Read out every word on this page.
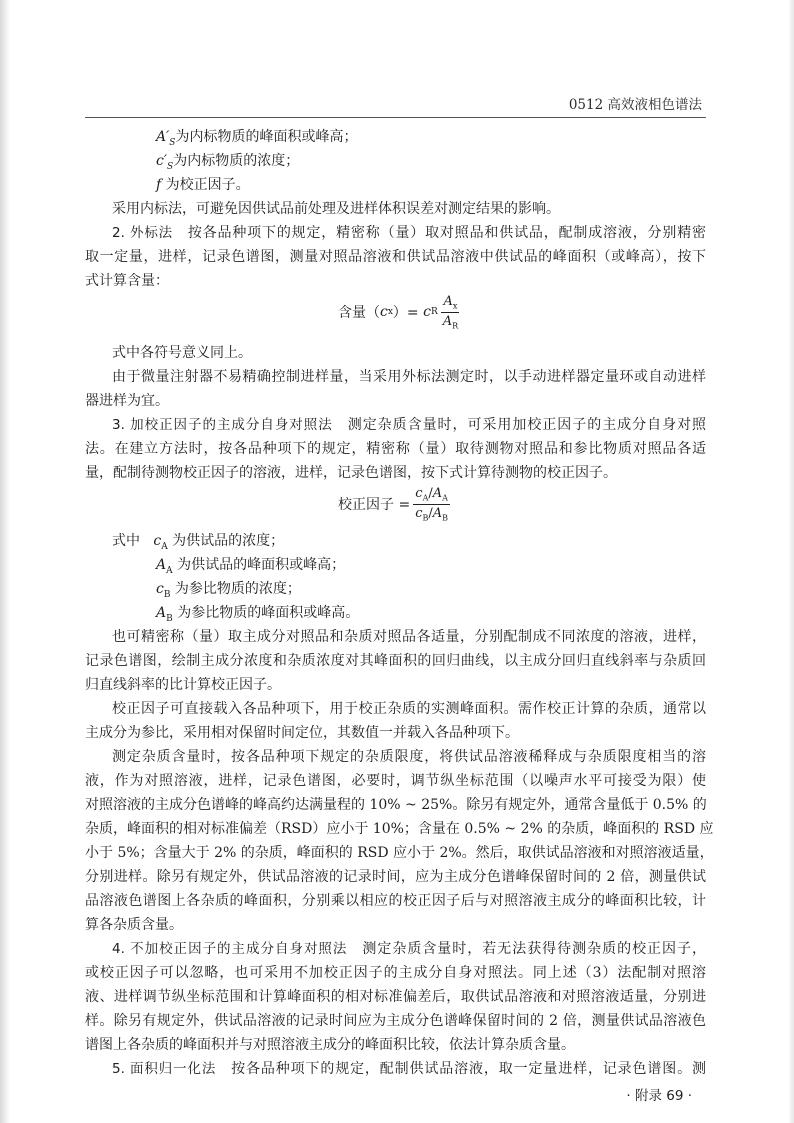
0512 高效液相色谱法
$A'_S$为内标物质的峰面积或峰高；
$c'_S$为内标物质的浓度；
f 为校正因子。
采用内标法，可避免因供试品前处理及进样体积误差对测定结果的影响。
2. 外标法　 按各品种项下的规定，精密称（量）取对照品和供试品，配制成溶液，分别精密
取一定量，进样，记录色谱图，测量对照品溶液和供试品溶液中供试品的峰面积（或峰高），按下
式计算含量：
含量（ c x ）=
c R $\frac{A_x}{A_R}$
式中各符号意义同上。
由于微量注射器不易精确控制进样量，当采用外标法测定时，以手动进样器定量环或自动进样
器进样为宜。
3. 加校正因子的主成分自身对照法　 测定杂质含量时，可采用加校正因子的主成分自身对照
法。在建立方法时，按各品种项下的规定，精密称（量）取待测物对照品和参比物质对照品各适
量，配制待测物校正因子的溶液，进样，记录色谱图，按下式计算待测物的校正因子。
校正因子 = $\frac{c_A/A_A}{c_B/A_B}$
式中 $c_A$ 为供试品的浓度；
$A_A$ 为供试品的峰面积或峰高；
$c_B$ 为参比物质的浓度；
$A_B$ 为参比物质的峰面积或峰高。
也可精密称（量）取主成分对照品和杂质对照品各适量，分别配制成不同浓度的溶液，进样，
记录色谱图，绘制主成分浓度和杂质浓度对其峰面积的回归曲线，以主成分回归直线斜率与杂质回
归直线斜率的比计算校正因子。
校正因子可直接载入各品种项下，用于校正杂质的实测峰面积。需作校正计算的杂质，通常以
主成分为参比，采用相对保留时间定位，其数值一并载入各品种项下。
测定杂质含量时，按各品种项下规定的杂质限度，将供试品溶液稀释成与杂质限度相当的溶
液，作为对照溶液，进样，记录色谱图，必要时，调节纵坐标范围（以噪声水平可接受为限）使
对照溶液的主成分色谱峰的峰高约达满量程的 10% ~ 25%。除另有规定外，通常含量低于 0.5% 的
杂质，峰面积的相对标准偏差（RSD）应小于 10%；含量在 0.5% ~ 2% 的杂质，峰面积的 RSD 应
小于 5%；含量大于 2% 的杂质，峰面积的 RSD 应小于 2%。然后，取供试品溶液和对照溶液适量，
分别进样。除另有规定外，供试品溶液的记录时间，应为主成分色谱峰保留时间的 2 倍，测量供试
品溶液色谱图上各杂质的峰面积，分别乘以相应的校正因子后与对照溶液主成分的峰面积比较，计
算各杂质含量。
4. 不加校正因子的主成分自身对照法　 测定杂质含量时，若无法获得待测杂质的校正因子，
或校正因子可以忽略，也可采用不加校正因子的主成分自身对照法。同上述（3）法配制对照溶
液、进样调节纵坐标范围和计算峰面积的相对标准偏差后，取供试品溶液和对照溶液适量，分别进
样。除另有规定外，供试品溶液的记录时间应为主成分色谱峰保留时间的 2 倍，测量供试品溶液色
谱图上各杂质的峰面积并与对照溶液主成分的峰面积比较，依法计算杂质含量。
5. 面积归一化法　 按各品种项下的规定，配制供试品溶液，取一定量进样，记录色谱图。测
· 附录 69 ·
